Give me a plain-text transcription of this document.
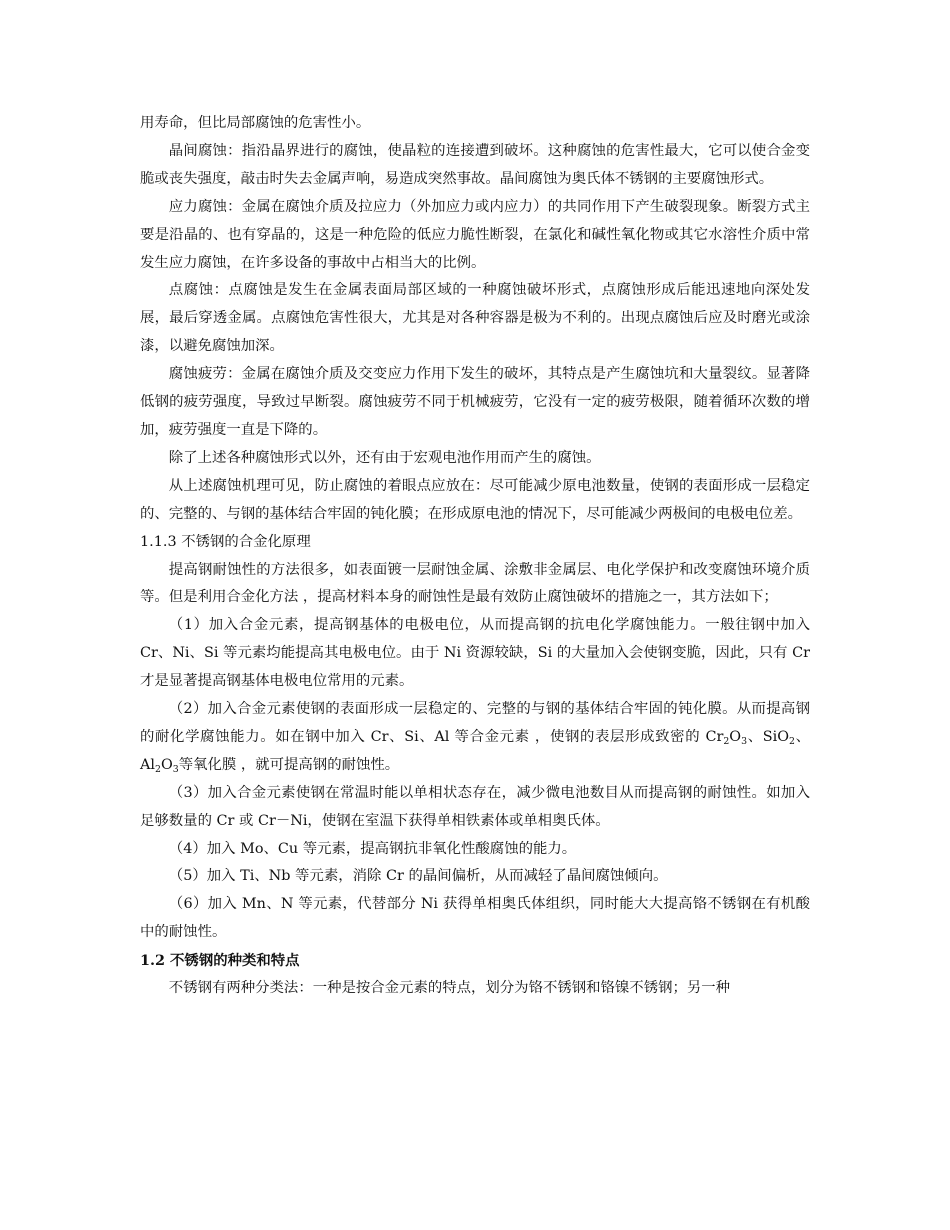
用寿命，但比局部腐蚀的危害性小。

晶间腐蚀：指沿晶界进行的腐蚀，使晶粒的连接遭到破坏。这种腐蚀的危害性最大，它可以使合金变脆或丧失强度，敲击时失去金属声响，易造成突然事故。晶间腐蚀为奥氏体不锈钢的主要腐蚀形式。

应力腐蚀：金属在腐蚀介质及拉应力（外加应力或内应力）的共同作用下产生破裂现象。断裂方式主要是沿晶的、也有穿晶的，这是一种危险的低应力脆性断裂，在氯化和碱性氧化物或其它水溶性介质中常发生应力腐蚀，在许多设备的事故中占相当大的比例。

点腐蚀：点腐蚀是发生在金属表面局部区域的一种腐蚀破坏形式，点腐蚀形成后能迅速地向深处发展，最后穿透金属。点腐蚀危害性很大，尤其是对各种容器是极为不利的。出现点腐蚀后应及时磨光或涂漆，以避免腐蚀加深。

腐蚀疲劳：金属在腐蚀介质及交变应力作用下发生的破坏，其特点是产生腐蚀坑和大量裂纹。显著降低钢的疲劳强度，导致过早断裂。腐蚀疲劳不同于机械疲劳，它没有一定的疲劳极限，随着循环次数的增加，疲劳强度一直是下降的。

除了上述各种腐蚀形式以外，还有由于宏观电池作用而产生的腐蚀。

从上述腐蚀机理可见，防止腐蚀的着眼点应放在：尽可能减少原电池数量，使钢的表面形成一层稳定的、完整的、与钢的基体结合牢固的钝化膜；在形成原电池的情况下，尽可能减少两极间的电极电位差。

1.1.3 不锈钢的合金化原理

提高钢耐蚀性的方法很多，如表面镀一层耐蚀金属、涂敷非金属层、电化学保护和改变腐蚀环境介质等。但是利用合金化方法 ，提高材料本身的耐蚀性是最有效防止腐蚀破坏的措施之一，其方法如下；

（1）加入合金元素，提高钢基体的电极电位，从而提高钢的抗电化学腐蚀能力。一般往钢中加入 Cr、Ni、Si 等元素均能提高其电极电位。由于 Ni 资源较缺，Si 的大量加入会使钢变脆，因此，只有 Cr 才是显著提高钢基体电极电位常用的元素。

（2）加入合金元素使钢的表面形成一层稳定的、完整的与钢的基体结合牢固的钝化膜。从而提高钢的耐化学腐蚀能力。如在钢中加入 Cr、Si、Al 等合金元素 ，使钢的表层形成致密的 $Cr_2O_3$、SiO$_2$、$Al_2O_3$等氧化膜 ，就可提高钢的耐蚀性。

（3）加入合金元素使钢在常温时能以单相状态存在，减少微电池数目从而提高钢的耐蚀性。如加入足够数量的 Cr 或 Cr－Ni，使钢在室温下获得单相铁素体或单相奥氏体。

（4）加入 Mo、Cu 等元素，提高钢抗非氧化性酸腐蚀的能力。

（5）加入 Ti、Nb 等元素，消除 Cr 的晶间偏析，从而减轻了晶间腐蚀倾向。

（6）加入 Mn、N 等元素，代替部分 Ni 获得单相奥氏体组织，同时能大大提高铬不锈钢在有机酸中的耐蚀性。

1.2 不锈钢的种类和特点

不锈钢有两种分类法：一种是按合金元素的特点，划分为铬不锈钢和铬镍不锈钢；另一种
